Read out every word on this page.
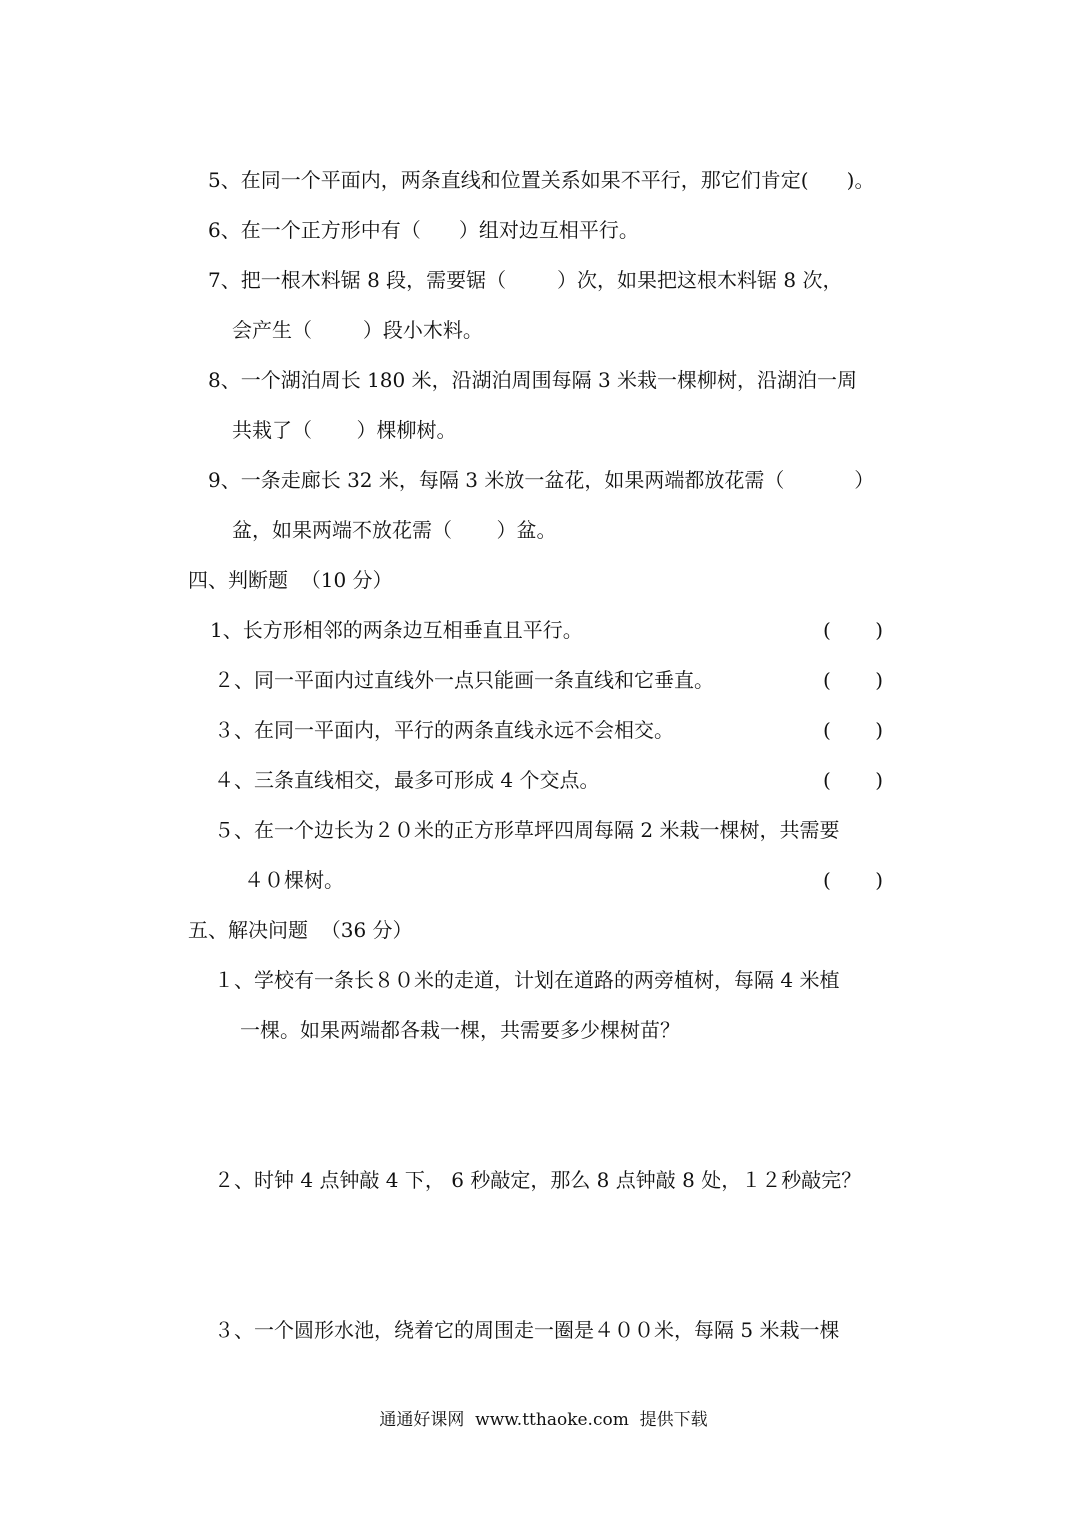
5、在同一个平面内，两条直线和位置关系如果不平行，那它们肯定(      )。
6、在一个正方形中有（      ）组对边互相平行。
7、把一根木料锯 8 段，需要锯（        ）次，如果把这根木料锯 8 次，
会产生（        ）段小木料。
8、一个湖泊周长 180 米，沿湖泊周围每隔 3 米栽一棵柳树，沿湖泊一周
共栽了（       ）棵柳树。
9、一条走廊长 32 米，每隔 3 米放一盆花，如果两端都放花需（           ）
盆，如果两端不放花需（       ）盆。
四、判断题  （10 分）
1、长方形相邻的两条边互相垂直且平行。	(       )
２、同一平面内过直线外一点只能画一条直线和它垂直。	(       )
３、在同一平面内，平行的两条直线永远不会相交。	(       )
４、三条直线相交，最多可形成 4 个交点。	(       )
５、在一个边长为２０米的正方形草坪四周每隔 2 米栽一棵树，共需要
４０棵树。	(       )
五、解决问题  （36 分）
１、学校有一条长８０米的走道，计划在道路的两旁植树，每隔 4 米植
一棵。如果两端都各栽一棵，共需要多少棵树苗？
２、时钟 4 点钟敲 4 下， 6 秒敲定，那么 8 点钟敲 8 处，１２秒敲完？
３、一个圆形水池，绕着它的周围走一圈是４００米，每隔 5 米栽一棵
通通好课网  www.tthaoke.com  提供下载
